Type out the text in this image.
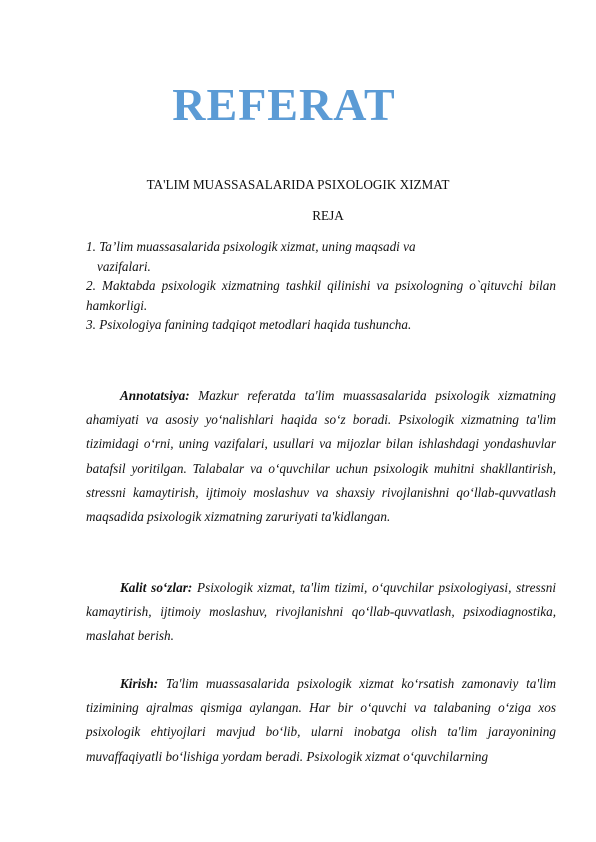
REFERAT
TA'LIM MUASSASALARIDA PSIXOLOGIK XIZMAT
REJA

1. Ta’lim muassasalarida psixologik xizmat, uning maqsadi va

vazifalari.

2. Maktabda psixologik xizmatning tashkil qilinishi va psixologning o`qituvchi bilan hamkorligi.

3. Psixologiya fanining tadqiqot metodlari haqida tushuncha.

Annotatsiya: Mazkur referatda ta'lim muassasalarida psixologik xizmatning ahamiyati va asosiy yo‘nalishlari haqida so‘z boradi. Psixologik xizmatning ta'lim tizimidagi o‘rni, uning vazifalari, usullari va mijozlar bilan ishlashdagi yondashuvlar batafsil yoritilgan. Talabalar va o‘quvchilar uchun psixologik muhitni shakllantirish, stressni kamaytirish, ijtimoiy moslashuv va shaxsiy rivojlanishni qo‘llab-quvvatlash maqsadida psixologik xizmatning zaruriyati ta'kidlangan.

Kalit so‘zlar: Psixologik xizmat, ta'lim tizimi, o‘quvchilar psixologiyasi, stressni kamaytirish, ijtimoiy moslashuv, rivojlanishni qo‘llab-quvvatlash, psixodiagnostika, maslahat berish.

Kirish: Ta'lim muassasalarida psixologik xizmat ko‘rsatish zamonaviy ta'lim tizimining ajralmas qismiga aylangan. Har bir o‘quvchi va talabaning o‘ziga xos psixologik ehtiyojlari mavjud bo‘lib, ularni inobatga olish ta'lim jarayonining muvaffaqiyatli bo‘lishiga yordam beradi. Psixologik xizmat o‘quvchilarning
